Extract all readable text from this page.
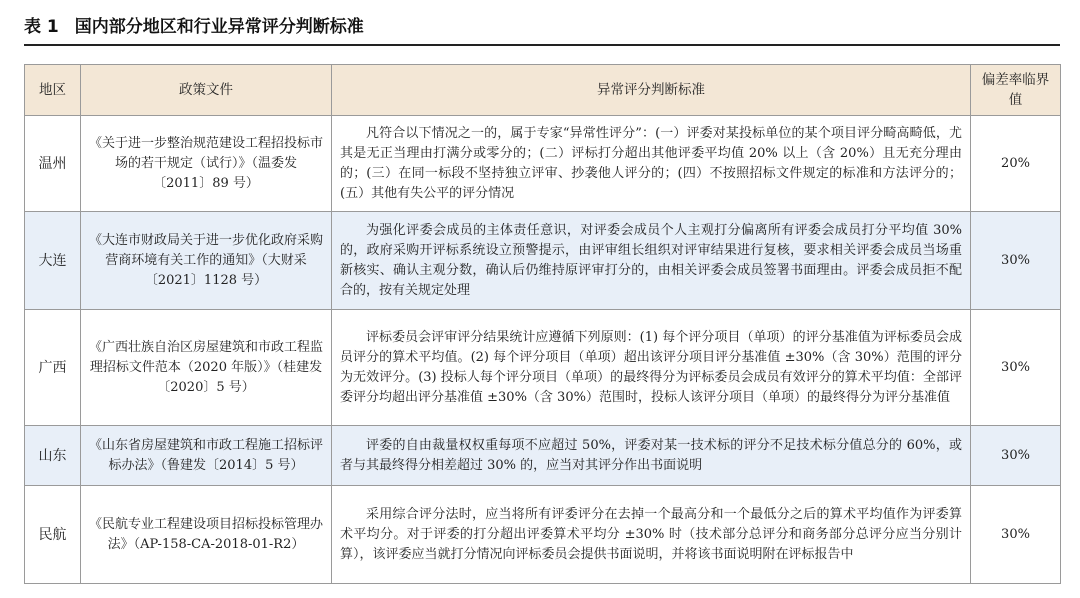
表 1 国内部分地区和行业异常评分判断标准
地区	政策文件	异常评分判断标准	偏差率临界值
温州	《关于进一步整治规范建设工程招投标市场的若干规定（试行）》（温委发〔2011〕89 号）	凡符合以下情况之一的，属于专家“异常性评分”：(一）评委对某投标单位的某个项目评分畸高畸低，尤其是无正当理由打满分或零分的；(二）评标打分超出其他评委平均值 20% 以上（含 20%）且无充分理由的；(三）在同一标段不坚持独立评审、抄袭他人评分的；(四）不按照招标文件规定的标准和方法评分的；(五）其他有失公平的评分情况	20%
大连	《大连市财政局关于进一步优化政府采购营商环境有关工作的通知》（大财采〔2021〕1128 号）	为强化评委会成员的主体责任意识，对评委会成员个人主观打分偏离所有评委会成员打分平均值 30% 的，政府采购开评标系统设立预警提示，由评审组长组织对评审结果进行复核，要求相关评委会成员当场重新核实、确认主观分数，确认后仍维持原评审打分的，由相关评委会成员签署书面理由。评委会成员拒不配合的，按有关规定处理	30%
广西	《广西壮族自治区房屋建筑和市政工程监理招标文件范本（2020 年版）》（桂建发〔2020〕5 号）	评标委员会评审评分结果统计应遵循下列原则：(1) 每个评分项目（单项）的评分基准值为评标委员会成员评分的算术平均值。(2) 每个评分项目（单项）超出该评分项目评分基准值 ±30%（含 30%）范围的评分为无效评分。(3) 投标人每个评分项目（单项）的最终得分为评标委员会成员有效评分的算术平均值：全部评委评分均超出评分基准值 ±30%（含 30%）范围时，投标人该评分项目（单项）的最终得分为评分基准值	30%
山东	《山东省房屋建筑和市政工程施工招标评标办法》（鲁建发〔2014〕5 号）	评委的自由裁量权权重每项不应超过 50%，评委对某一技术标的评分不足技术标分值总分的 60%，或者与其最终得分相差超过 30% 的，应当对其评分作出书面说明	30%
民航	《民航专业工程建设项目招标投标管理办法》（AP-158-CA-2018-01-R2）	采用综合评分法时，应当将所有评委评分在去掉一个最高分和一个最低分之后的算术平均值作为评委算术平均分。对于评委的打分超出评委算术平均分 ±30% 时（技术部分总评分和商务部分总评分应当分别计算），该评委应当就打分情况向评标委员会提供书面说明，并将该书面说明附在评标报告中	30%
